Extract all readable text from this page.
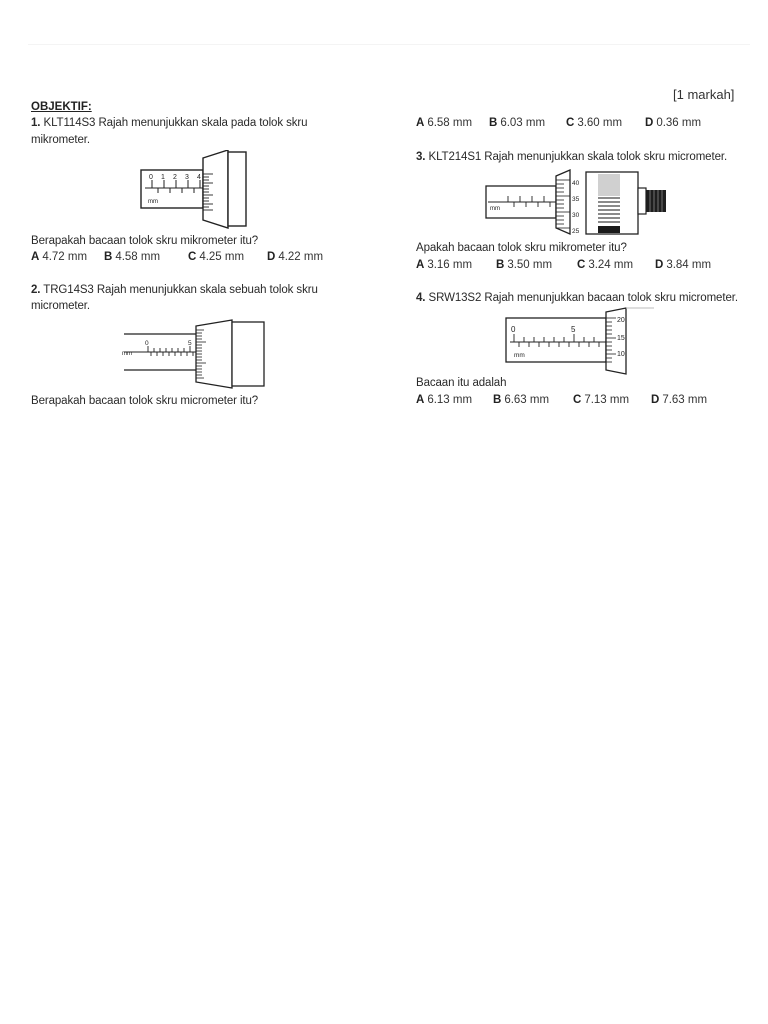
[1 markah]
OBJEKTIF:
1. KLT114S3 Rajah menunjukkan skala pada tolok skru
mikrometer.
0 1 2 3 4
mm
Berapakah bacaan tolok skru mikrometer itu?
A 4.72 mm B 4.58 mm C 4.25 mm D 4.22 mm
2. TRG14S3 Rajah menunjukkan skala sebuah tolok skru
micrometer.
mm
0	5
Berapakah bacaan tolok skru micrometer itu?
A 6.58 mm B 6.03 mm C 3.60 mm D 0.36 mm
3. KLT214S1 Rajah menunjukkan skala tolok skru micrometer.
mm
40
35
30
25
Apakah bacaan tolok skru mikrometer itu?
A 3.16 mm B 3.50 mm C 3.24 mm D 3.84 mm
4. SRW13S2 Rajah menunjukkan bacaan tolok skru micrometer.
0	5
mm
20
15
10
Bacaan itu adalah
A 6.13 mm B 6.63 mm C 7.13 mm D 7.63 mm
